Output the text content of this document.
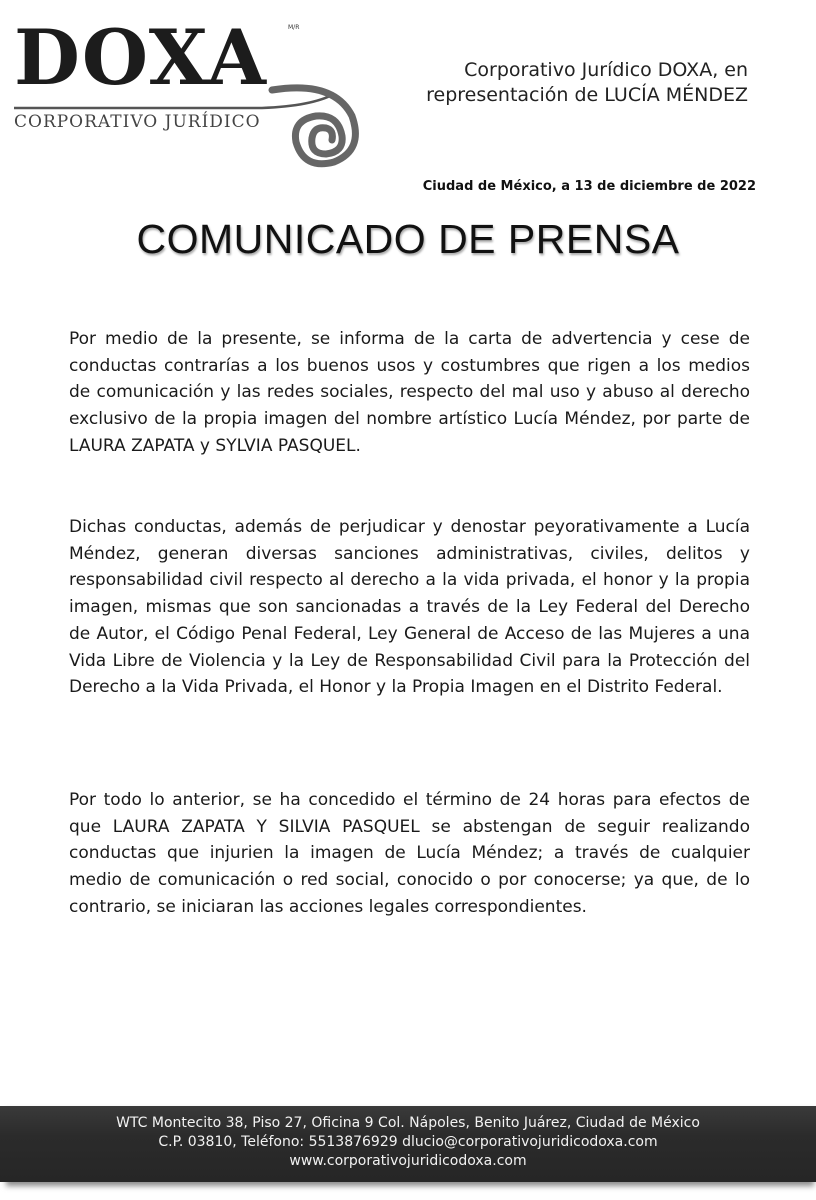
DOXA	M/R
CORPORATIVO JURÍDICO
Corporativo Jurídico DOXA, en
representación de LUCÍA MÉNDEZ
Ciudad de México, a 13 de diciembre de 2022
COMUNICADO DE PRENSA

Por medio de la presente, se informa de la carta de advertencia y cese de conductas contrarías a los buenos usos y costumbres que rigen a los medios de comunicación y las redes sociales, respecto del mal uso y abuso al derecho exclusivo de la propia imagen del nombre artístico Lucía Méndez, por parte de LAURA ZAPATA y SYLVIA PASQUEL.

Dichas conductas, además de perjudicar y denostar peyorativamente a Lucía Méndez, generan diversas sanciones administrativas, civiles, delitos y responsabilidad civil respecto al derecho a la vida privada, el honor y la propia imagen, mismas que son sancionadas a través de la Ley Federal del Derecho de Autor, el Código Penal Federal, Ley General de Acceso de las Mujeres a una Vida Libre de Violencia y la Ley de Responsabilidad Civil para la Protección del Derecho a la Vida Privada, el Honor y la Propia Imagen en el Distrito Federal.

Por todo lo anterior, se ha concedido el término de 24 horas para efectos de que LAURA ZAPATA Y SILVIA PASQUEL se abstengan de seguir realizando conductas que injurien la imagen de Lucía Méndez; a través de cualquier medio de comunicación o red social, conocido o por conocerse; ya que, de lo contrario, se iniciaran las acciones legales correspondientes.

WTC Montecito 38, Piso 27, Oficina 9 Col. Nápoles, Benito Juárez, Ciudad de México
C.P. 03810, Teléfono: 5513876929 dlucio@corporativojuridicodoxa.com
www.corporativojuridicodoxa.com
